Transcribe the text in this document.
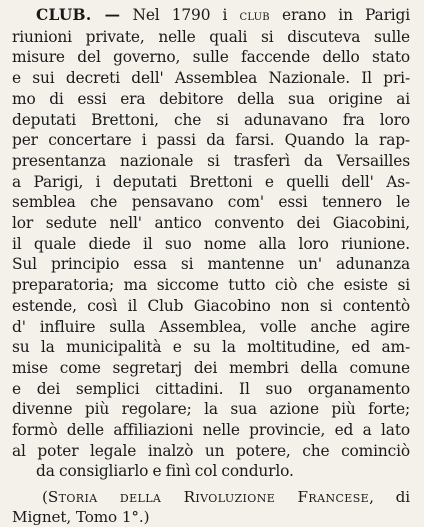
CLUB. — Nel 1790 i club erano in Parigi
riunioni private, nelle quali si discuteva sulle
misure del governo, sulle faccende dello stato
e sui decreti dell' Assemblea Nazionale. Il pri-
mo di essi era debitore della sua origine ai
deputati Brettoni, che si adunavano fra loro
per concertare i passi da farsi. Quando la rap-
presentanza nazionale si trasferì da Versailles
a Parigi, i deputati Brettoni e quelli dell' As-
semblea che pensavano com' essi tennero le
lor sedute nell' antico convento dei Giacobini,
il quale diede il suo nome alla loro riunione.
Sul principio essa si mantenne un' adunanza
preparatoria; ma siccome tutto ciò che esiste si
estende, così il Club Giacobino non si contentò
d' influire sulla Assemblea, volle anche agire
su la municipalità e su la moltitudine, ed am-
mise come segretarj dei membri della comune
e dei semplici cittadini. Il suo organamento
divenne più regolare; la sua azione più forte;
formò delle affiliazioni nelle provincie, ed a lato
al poter legale inalzò un potere, che cominciò
da consigliarlo e finì col condurlo.
(Storia della Rivoluzione Francese, di
Mignet, Tomo 1°.)
